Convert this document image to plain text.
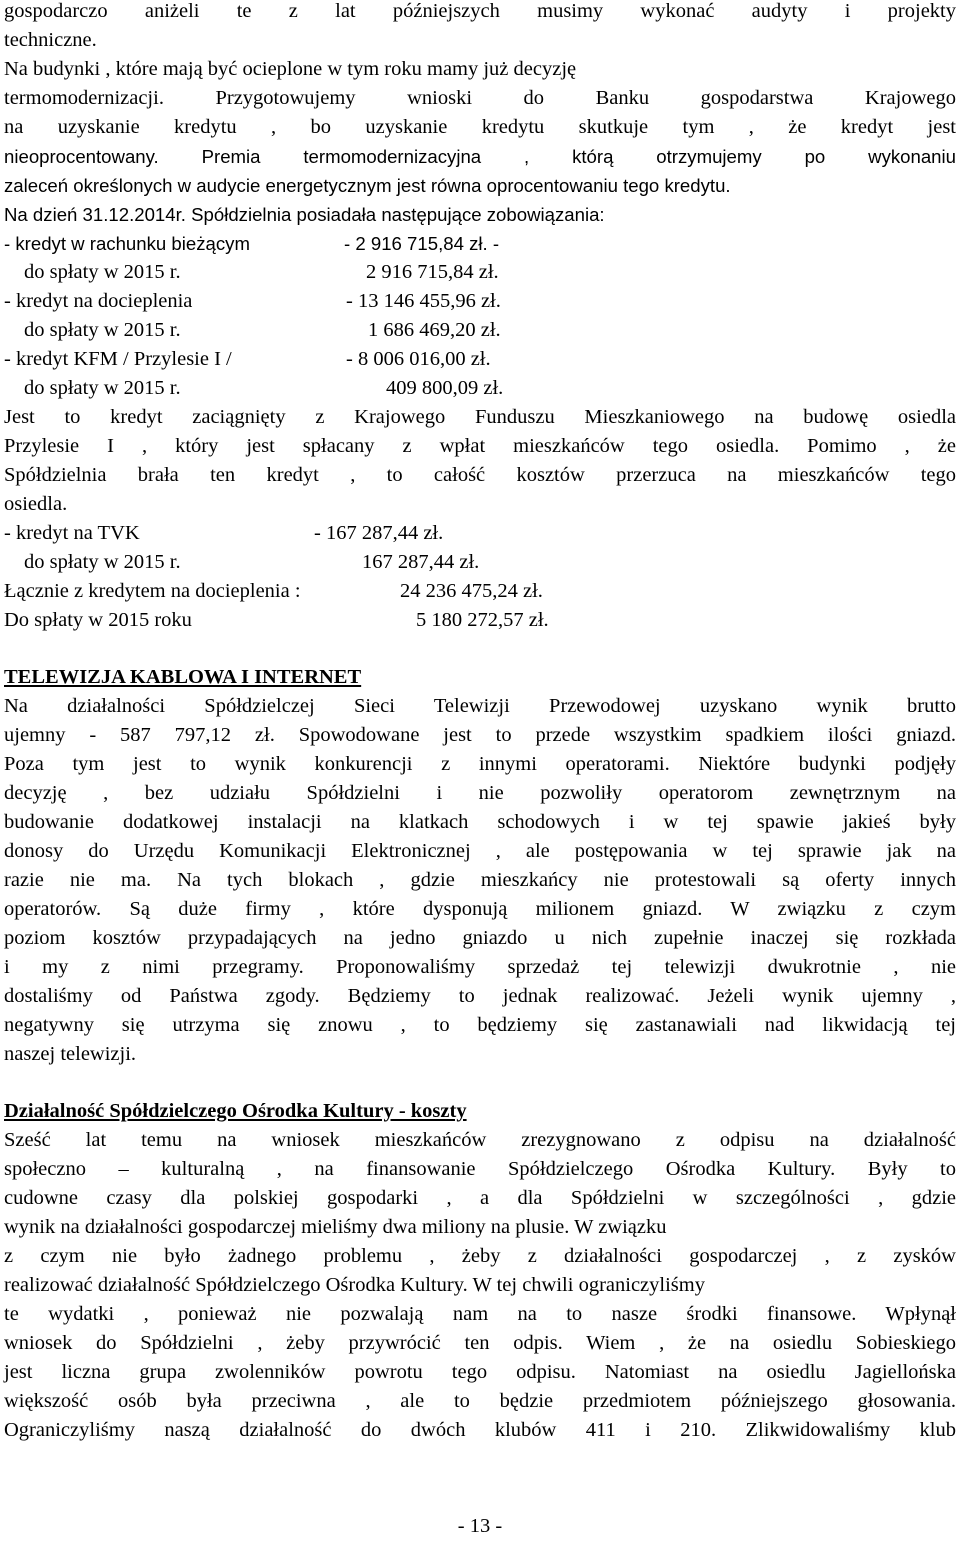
gospodarczo aniżeli te z lat późniejszych musimy wykonać audyty i projekty
techniczne.
Na budynki , które mają być ocieplone w tym roku mamy już decyzję
termomodernizacji. Przygotowujemy wnioski do Banku gospodarstwa Krajowego
na uzyskanie kredytu , bo uzyskanie kredytu skutkuje tym , że kredyt jest
nieoprocentowany. Premia termomodernizacyjna , którą otrzymujemy po wykonaniu
zaleceń określonych w audycie energetycznym jest równa oprocentowaniu tego kredytu.
Na dzień 31.12.2014r. Spółdzielnia posiadała następujące zobowiązania:
- kredyt w rachunku bieżącym	- 2 916 715,84 zł. -
do spłaty w 2015 r.	2 916 715,84 zł.
- kredyt na docieplenia	- 13 146 455,96 zł.
do spłaty w 2015 r.	1 686 469,20 zł.
- kredyt KFM / Przylesie I /	- 8 006 016,00 zł.
do spłaty w 2015 r.	409 800,09 zł.
Jest to kredyt zaciągnięty z Krajowego Funduszu Mieszkaniowego na budowę osiedla
Przylesie I , który jest spłacany z wpłat mieszkańców tego osiedla. Pomimo , że
Spółdzielnia brała ten kredyt , to całość kosztów przerzuca na mieszkańców tego
osiedla.
- kredyt na TVK	- 167 287,44 zł.
do spłaty w 2015 r.	167 287,44 zł.
Łącznie z kredytem na docieplenia :	24 236 475,24 zł.
Do spłaty w 2015 roku	5 180 272,57 zł.
TELEWIZJA KABLOWA I INTERNET
Na działalności Spółdzielczej Sieci Telewizji Przewodowej uzyskano wynik brutto
ujemny - 587 797,12 zł. Spowodowane jest to przede wszystkim spadkiem ilości gniazd.
Poza tym jest to wynik konkurencji z innymi operatorami. Niektóre budynki podjęły
decyzję , bez udziału Spółdzielni i nie pozwoliły operatorom zewnętrznym na
budowanie dodatkowej instalacji na klatkach schodowych i w tej spawie jakieś były
donosy do Urzędu Komunikacji Elektronicznej , ale postępowania w tej sprawie jak na
razie nie ma. Na tych blokach , gdzie mieszkańcy nie protestowali są oferty innych
operatorów. Są duże firmy , które dysponują milionem gniazd. W związku z czym
poziom kosztów przypadających na jedno gniazdo u nich zupełnie inaczej się rozkłada
i my z nimi przegramy. Proponowaliśmy sprzedaż tej telewizji dwukrotnie , nie
dostaliśmy od Państwa zgody. Będziemy to jednak realizować. Jeżeli wynik ujemny ,
negatywny się utrzyma się znowu , to będziemy się zastanawiali nad likwidacją tej
naszej telewizji.
Działalność Spółdzielczego Ośrodka Kultury - koszty
Sześć lat temu na wniosek mieszkańców zrezygnowano z odpisu na działalność
społeczno – kulturalną , na finansowanie Spółdzielczego Ośrodka Kultury. Były to
cudowne czasy dla polskiej gospodarki , a dla Spółdzielni w szczególności , gdzie
wynik na działalności gospodarczej mieliśmy dwa miliony na plusie. W związku
z czym nie było żadnego problemu , żeby z działalności gospodarczej , z zysków
realizować działalność Spółdzielczego Ośrodka Kultury. W tej chwili ograniczyliśmy
te wydatki , ponieważ nie pozwalają nam na to nasze środki finansowe. Wpłynął
wniosek do Spółdzielni , żeby przywrócić ten odpis. Wiem , że na osiedlu Sobieskiego
jest liczna grupa zwolenników powrotu tego odpisu. Natomiast na osiedlu Jagiellońska
większość osób była przeciwna , ale to będzie przedmiotem późniejszego głosowania.
Ograniczyliśmy naszą działalność do dwóch klubów 411 i 210. Zlikwidowaliśmy klub
- 13 -
